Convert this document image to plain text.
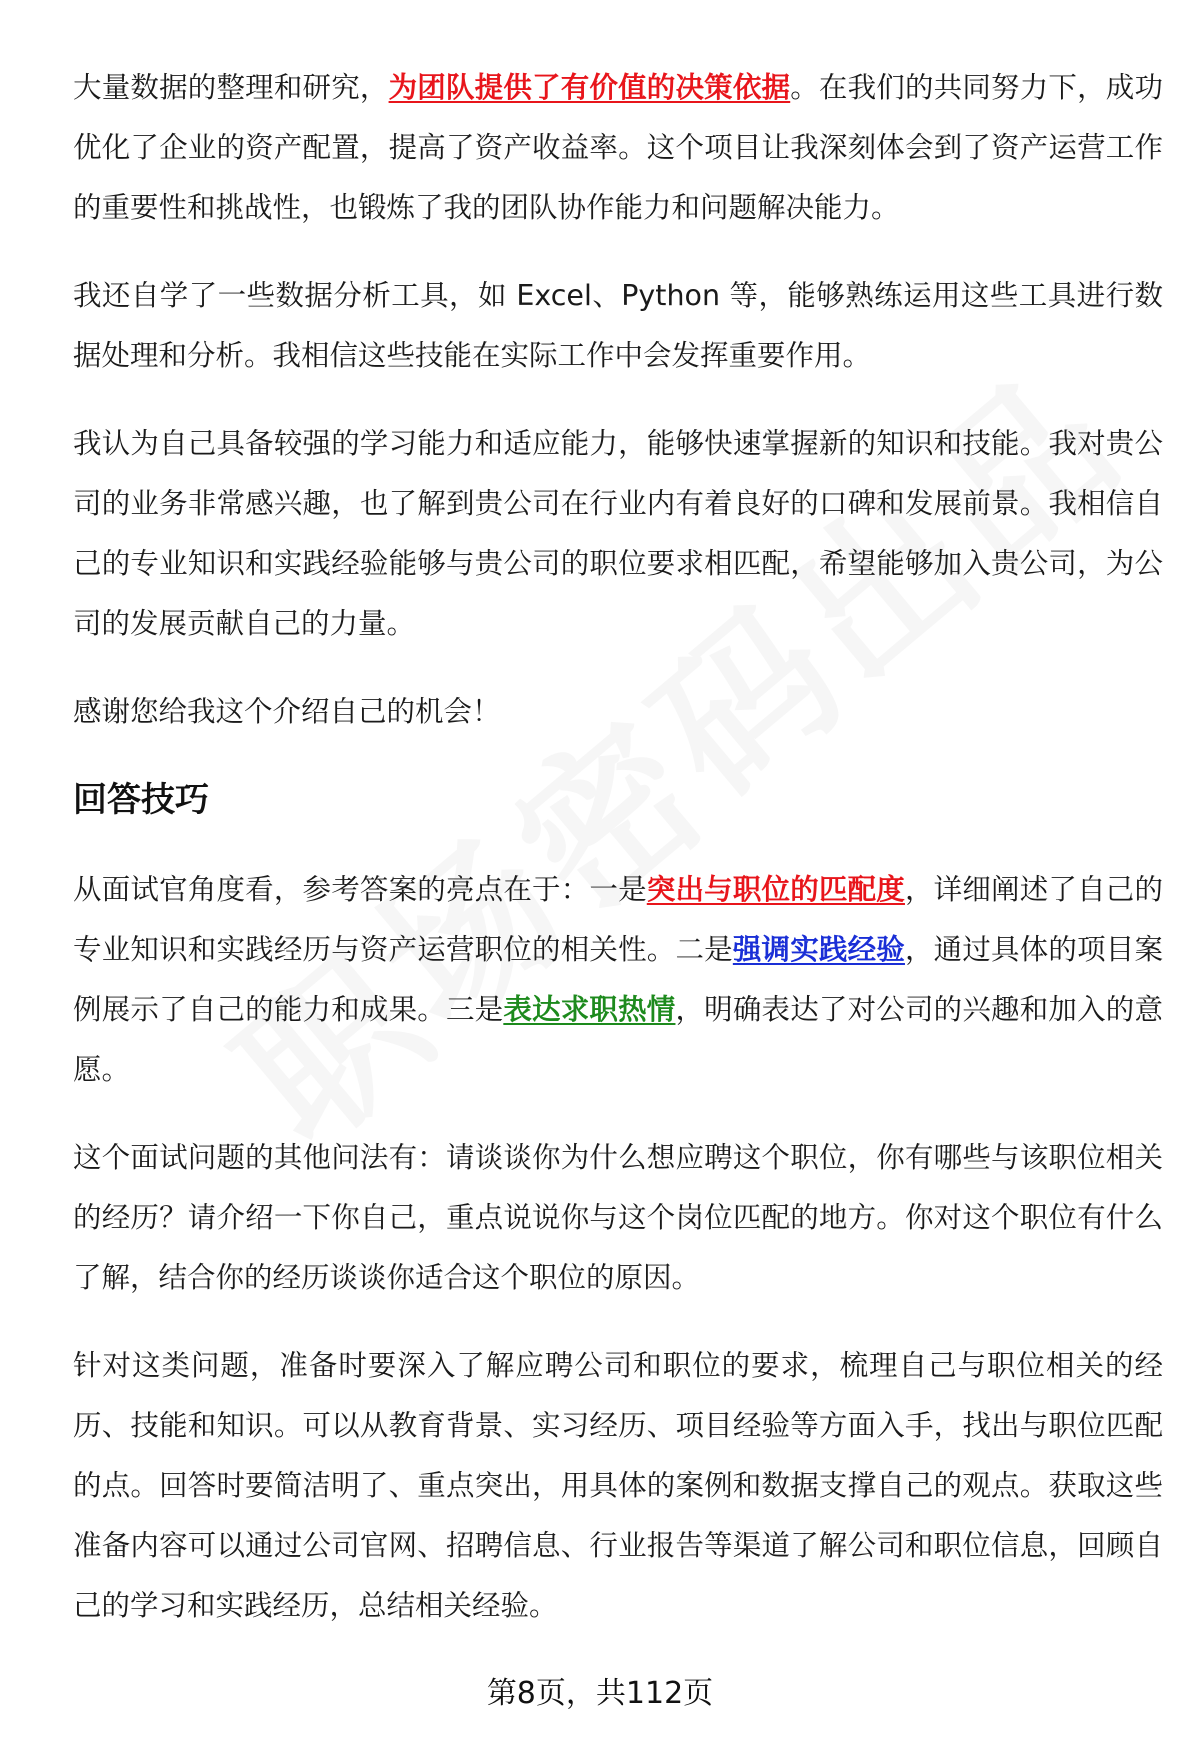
大量数据的整理和研究，为团队提供了有价值的决策依据。在我们的共同努力下，成功优化了企业的资产配置，提高了资产收益率。这个项目让我深刻体会到了资产运营工作的重要性和挑战性，也锻炼了我的团队协作能力和问题解决能力。

我还自学了一些数据分析工具，如 Excel、Python 等，能够熟练运用这些工具进行数据处理和分析。我相信这些技能在实际工作中会发挥重要作用。

我认为自己具备较强的学习能力和适应能力，能够快速掌握新的知识和技能。我对贵公司的业务非常感兴趣，也了解到贵公司在行业内有着良好的口碑和发展前景。我相信自己的专业知识和实践经验能够与贵公司的职位要求相匹配，希望能够加入贵公司，为公司的发展贡献自己的力量。

感谢您给我这个介绍自己的机会！

回答技巧

从面试官角度看，参考答案的亮点在于：一是突出与职位的匹配度，详细阐述了自己的专业知识和实践经历与资产运营职位的相关性。二是强调实践经验，通过具体的项目案例展示了自己的能力和成果。三是表达求职热情，明确表达了对公司的兴趣和加入的意愿。

这个面试问题的其他问法有：请谈谈你为什么想应聘这个职位，你有哪些与该职位相关的经历？请介绍一下你自己，重点说说你与这个岗位匹配的地方。你对这个职位有什么了解，结合你的经历谈谈你适合这个职位的原因。

针对这类问题，准备时要深入了解应聘公司和职位的要求，梳理自己与职位相关的经历、技能和知识。可以从教育背景、实习经历、项目经验等方面入手，找出与职位匹配的点。回答时要简洁明了、重点突出，用具体的案例和数据支撑自己的观点。获取这些准备内容可以通过公司官网、招聘信息、行业报告等渠道了解公司和职位信息，回顾自己的学习和实践经历，总结相关经验。

第8页，共112页
